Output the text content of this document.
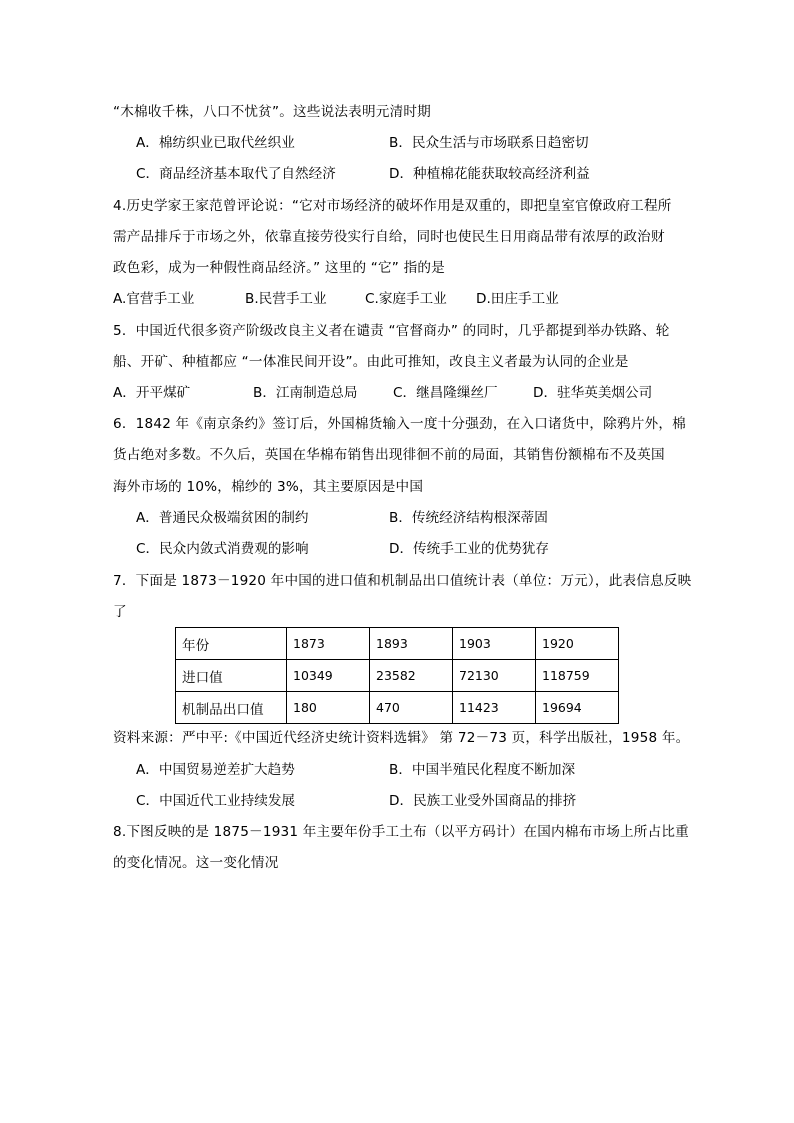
“木棉收千株，八口不忧贫”。这些说法表明元清时期
A．棉纺织业已取代丝织业	B．民众生活与市场联系日趋密切
C．商品经济基本取代了自然经济	D．种植棉花能获取较高经济利益
4.历史学家王家范曾评论说：“它对市场经济的破坏作用是双重的，即把皇室官僚政府工程所
需产品排斥于市场之外，依靠直接劳役实行自给，同时也使民生日用商品带有浓厚的政治财
政色彩，成为一种假性商品经济。” 这里的 “它” 指的是
A.官营手工业	B.民营手工业	C.家庭手工业 D.田庄手工业
5．中国近代很多资产阶级改良主义者在谴责 “官督商办” 的同时，几乎都提到举办铁路、轮
船、开矿、种植都应 “一体准民间开设”。由此可推知，改良主义者最为认同的企业是
A．开平煤矿	B．江南制造总局	C．继昌隆缫丝厂	D．驻华英美烟公司
6．1842 年《南京条约》签订后，外国棉货输入一度十分强劲，在入口诸货中，除鸦片外，棉
货占绝对多数。不久后，英国在华棉布销售出现徘徊不前的局面，其销售份额棉布不及英国
海外市场的 10%，棉纱的 3%，其主要原因是中国
A．普通民众极端贫困的制约	B．传统经济结构根深蒂固
C．民众内敛式消费观的影响	D．传统手工业的优势犹存
7．下面是 1873－1920 年中国的进口值和机制品出口值统计表（单位：万元），此表信息反映
了
年份	1873	1893	1903	1920
进口值	10349	23582	72130	118759
机制品出口值	180	470	11423	19694
资料来源：严中平:《中国近代经济史统计资料选辑》 第 72－73 页，科学出版社，1958 年。
A．中国贸易逆差扩大趋势	B．中国半殖民化程度不断加深
C．中国近代工业持续发展	D．民族工业受外国商品的排挤
8.下图反映的是 1875－1931 年主要年份手工土布（以平方码计）在国内棉布市场上所占比重
的变化情况。这一变化情况
